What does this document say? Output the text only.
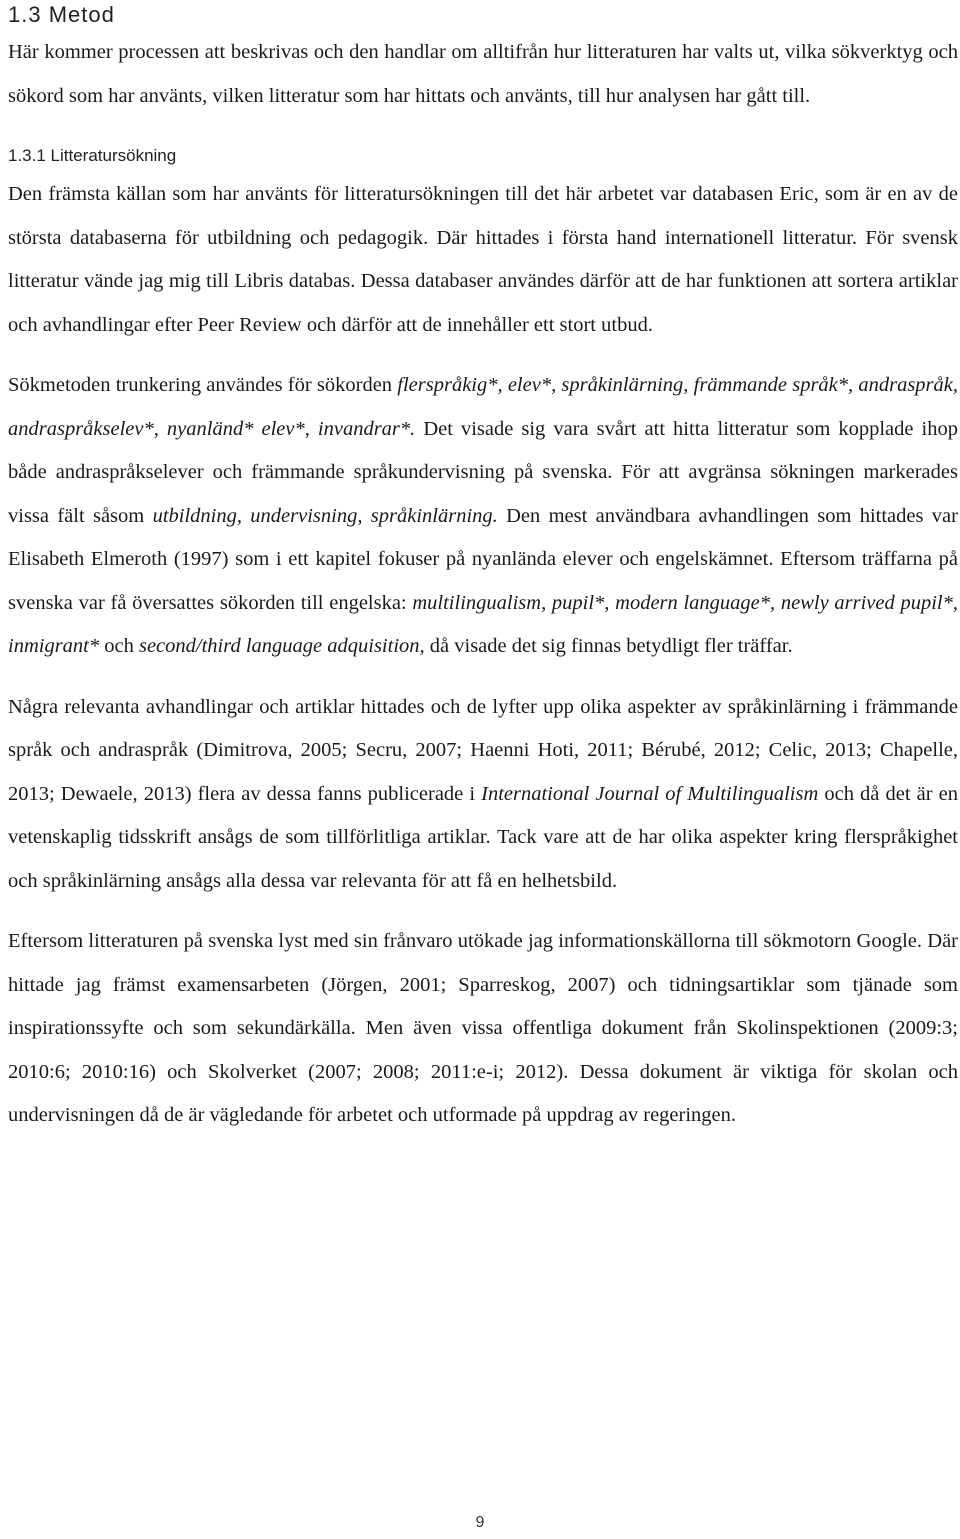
1.3 Metod

Här kommer processen att beskrivas och den handlar om alltifrån hur litteraturen har valts ut, vilka sökverktyg och sökord som har använts, vilken litteratur som har hittats och använts, till hur analysen har gått till.

1.3.1 Litteratursökning

Den främsta källan som har använts för litteratursökningen till det här arbetet var databasen Eric, som är en av de största databaserna för utbildning och pedagogik. Där hittades i första hand internationell litteratur. För svensk litteratur vände jag mig till Libris databas. Dessa databaser användes därför att de har funktionen att sortera artiklar och avhandlingar efter Peer Review och därför att de innehåller ett stort utbud.

Sökmetoden trunkering användes för sökorden flerspråkig*, elev*, språkinlärning, främmande språk*, andraspråk, andraspråkselev*, nyanländ* elev*, invandrar*. Det visade sig vara svårt att hitta litteratur som kopplade ihop både andraspråkselever och främmande språkundervisning på svenska. För att avgränsa sökningen markerades vissa fält såsom utbildning, undervisning, språkinlärning. Den mest användbara avhandlingen som hittades var Elisabeth Elmeroth (1997) som i ett kapitel fokuser på nyanlända elever och engelskämnet. Eftersom träffarna på svenska var få översattes sökorden till engelska: multilingualism, pupil*, modern language*, newly arrived pupil*, inmigrant* och second/third language adquisition, då visade det sig finnas betydligt fler träffar.

Några relevanta avhandlingar och artiklar hittades och de lyfter upp olika aspekter av språkinlärning i främmande språk och andraspråk (Dimitrova, 2005; Secru, 2007; Haenni Hoti, 2011; Bérubé, 2012; Celic, 2013; Chapelle, 2013; Dewaele, 2013) flera av dessa fanns publicerade i International Journal of Multilingualism och då det är en vetenskaplig tidsskrift ansågs de som tillförlitliga artiklar. Tack vare att de har olika aspekter kring flerspråkighet och språkinlärning ansågs alla dessa var relevanta för att få en helhetsbild.

Eftersom litteraturen på svenska lyst med sin frånvaro utökade jag informationskällorna till sökmotorn Google. Där hittade jag främst examensarbeten (Jörgen, 2001; Sparreskog, 2007) och tidningsartiklar som tjänade som inspirationssyfte och som sekundärkälla. Men även vissa offentliga dokument från Skolinspektionen (2009:3; 2010:6; 2010:16) och Skolverket (2007; 2008; 2011:e-i; 2012). Dessa dokument är viktiga för skolan och undervisningen då de är vägledande för arbetet och utformade på uppdrag av regeringen.

9
